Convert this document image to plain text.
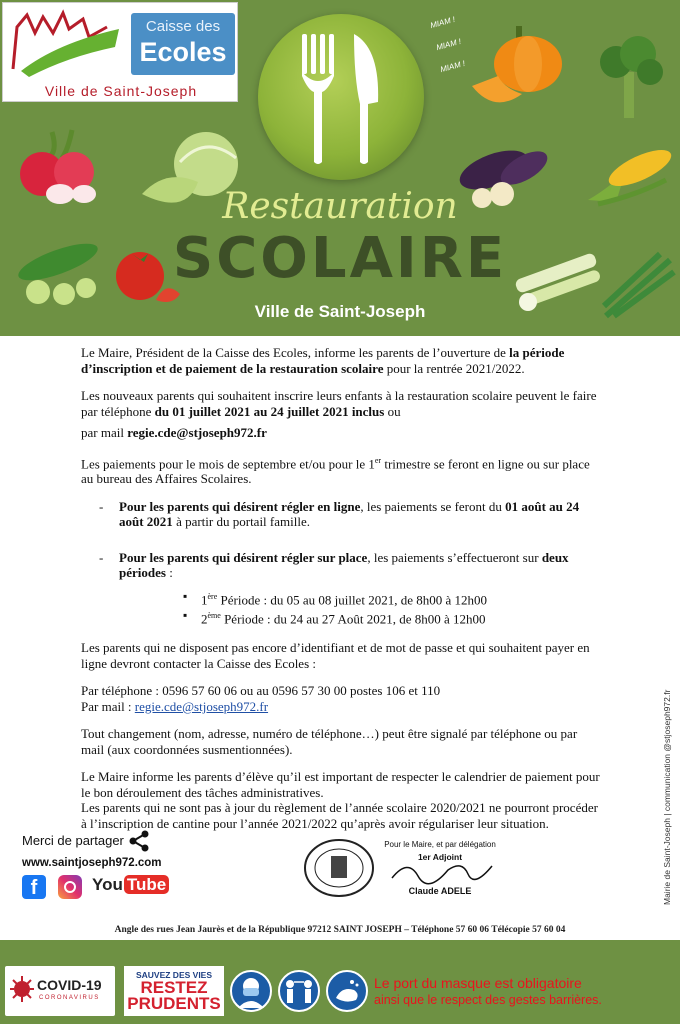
Caisse des
Ecoles
Ville de Saint-Joseph
MIAM !
MIAM !
MIAM !
Restauration
SCOLAIRE
Ville de Saint-Joseph

Le Maire, Président de la Caisse des Ecoles, informe les parents de l’ouverture de la période d’inscription et de paiement de la restauration scolaire pour la rentrée 2021/2022.

Les nouveaux parents qui souhaitent inscrire leurs enfants à la restauration scolaire peuvent le faire par téléphone du 01 juillet 2021 au 24 juillet 2021 inclus ou

par mail regie.cde@stjoseph972.fr

Les paiements pour le mois de septembre et/ou pour le 1er trimestre se feront en ligne ou sur place au bureau des Affaires Scolaires.

- Pour les parents qui désirent régler en ligne, les paiements se feront du 01 août au 24 août 2021 à partir du portail famille.
- Pour les parents qui désirent régler sur place, les paiements s’effectueront sur deux périodes :
▪ 1ère Période : du 05 au 08 juillet 2021, de 8h00 à 12h00
▪ 2ème Période : du 24 au 27 Août 2021, de 8h00 à 12h00

Les parents qui ne disposent pas encore d’identifiant et de mot de passe et qui souhaitent payer en ligne devront contacter la Caisse des Ecoles :

Par téléphone : 0596 57 60 06 ou au 0596 57 30 00 postes 106 et 110
Par mail : regie.cde@stjoseph972.fr

Tout changement (nom, adresse, numéro de téléphone…) peut être signalé par téléphone ou par mail (aux coordonnées susmentionnées).

Le Maire informe les parents d’élève qu’il est important de respecter le calendrier de paiement pour le bon déroulement des tâches administratives.

Les parents qui ne sont pas à jour du règlement de l’année scolaire 2020/2021 ne pourront procéder à l’inscription de cantine pour l’année 2021/2022 qu’après avoir régulariser leur situation.

Merci de partager
www.saintjoseph972.com
f	You Tube
Pour le Maire, et par délégation
1er Adjoint
Claude ADELE	Mairie de Saint-Joseph | communication @stjoseph972.fr
Angle des rues Jean Jaurès et de la République 97212 SAINT JOSEPH – Téléphone 57 60 06 Télécopie 57 60 04
COVID-19
CORONAVIRUS
SAUVEZ DES VIES
RESTEZ
PRUDENTS
Le port du masque est obligatoire
ainsi que le respect des gestes barrières.
